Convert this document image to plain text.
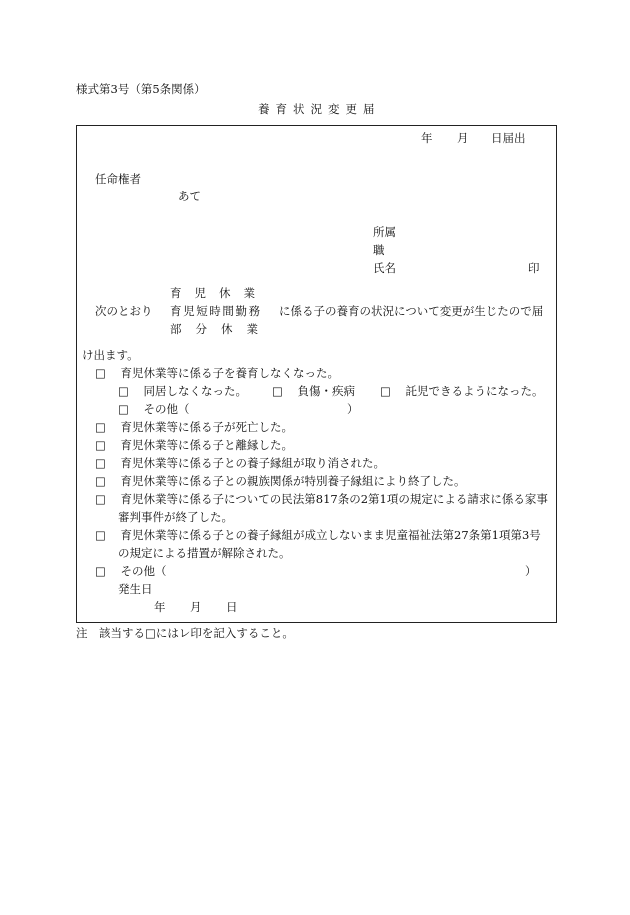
様式第3号（第5条関係）
養育状況変更届
年 月 日届出
任命権者
あて
所属
職
氏名	印
育児休業
次のとおり 育児短時間勤務 に係る子の養育の状況について変更が生じたので届
部分休業
け出ます。
□　 育児休業等に係る子を養育しなくなった。
□　 同居しなくなった。 □　 負傷・疾病 □　 託児できるようになった。
□　 その他（	）
□　 育児休業等に係る子が死亡した。
□　 育児休業等に係る子と離縁した。
□　 育児休業等に係る子との養子縁組が取り消された。
□　 育児休業等に係る子との親族関係が特別養子縁組により終了した。
□　 育児休業等に係る子についての民法第817条の2第1項の規定による請求に係る家事
審判事件が終了した。
□　 育児休業等に係る子との養子縁組が成立しないまま児童福祉法第27条第1項第3号
の規定による措置が解除された。
□　 その他（	）
発生日
年 月 日
注　該当する□にはレ印を記入すること。
